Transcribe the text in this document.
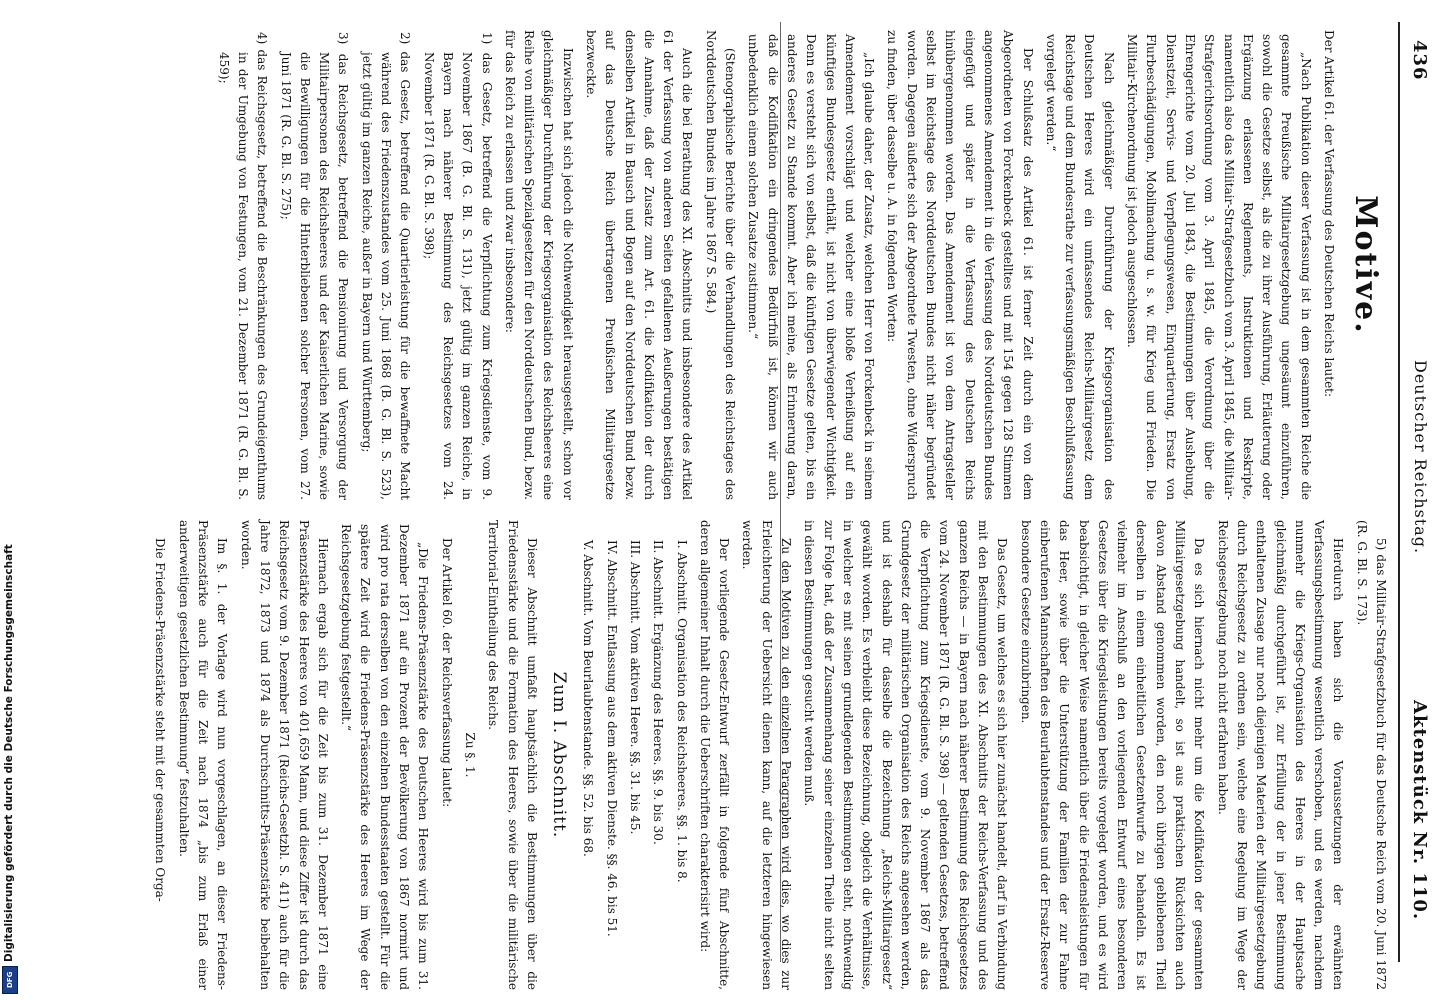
436
Deutscher Reichstag.
Aktenstück Nr. 110.
Motive.

Der Artikel 61. der Verfassung des Deutschen Reichs lautet:

„Nach Publikation dieser Verfassung ist in dem gesammten Reiche die gesammte Preußische Militairgesetzgebung ungesäumt einzuführen, sowohl die Gesetze selbst, als die zu ihrer Ausführung, Erläuterung oder Ergänzung erlassenen Reglements, Instruktionen und Reskripte, namentlich also das Militair-Strafgesetzbuch vom 3. April 1845, die Militair-Strafgerichtsordnung vom 3. April 1845, die Verordnung über die Ehrengerichte vom 20. Juli 1843, die Bestimmungen über Aushebung, Dienstzeit, Servis- und Verpflegungswesen, Einquartierung, Ersatz von Flurbeschädigungen, Mobilmachung u. s. w. für Krieg und Frieden. Die Militair-Kirchenordnung ist jedoch ausgeschlossen.

Nach gleichmäßiger Durchführung der Kriegsorganisation des Deutschen Heeres wird ein umfassendes Reichs-Militairgesetz dem Reichstage und dem Bundesrathe zur verfassungsmäßigen Beschlußfassung vorgelegt werden.“

Der Schlußsatz des Artikel 61. ist ferner Zeit durch ein von dem Abgeordneten von Forckenbeck gestelltes und mit 154 gegen 128 Stimmen angenommenes Amendement in die Verfassung des Norddeutschen Bundes eingefügt und später in die Verfassung des Deutschen Reichs hinübergenommen worden. Das Amendement ist von dem Antragsteller selbst im Reichstage des Norddeutschen Bundes nicht näher begründet worden. Dagegen äußerte sich der Abgeordnete Twesten, ohne Widerspruch zu finden, über dasselbe u. A. in folgenden Worten:

„Ich glaube daher, der Zusatz, welchen Herr von Forckenbeck in seinem Amendement vorschlägt und welcher eine bloße Verheißung auf ein künftiges Bundesgesetz enthält, ist nicht von überwiegender Wichtigkeit. Denn es versteht sich von selbst, daß die künftigen Gesetze gelten, bis ein anderes Gesetz zu Stande kommt. Aber ich meine, als Erinnerung daran, daß die Kodifikation ein dringendes Bedürfniß ist, können wir auch unbedenklich einem solchen Zusatze zustimmen.“

(Stenographische Berichte über die Verhandlungen des Reichstages des Norddeutschen Bundes im Jahre 1867 S. 584.)

Auch die bei Berathung des XI. Abschnitts und insbesondere des Artikel 61 der Verfassung von anderen Seiten gefallenen Aeußerungen bestätigen die Annahme, daß der Zusatz zum Art. 61. die Kodifikation der durch denselben Artikel in Bausch und Bogen auf den Norddeutschen Bund bezw. auf das Deutsche Reich übertragenen Preußischen Militairgesetze bezweckte.

Inzwischen hat sich jedoch die Nothwendigkeit herausgestellt, schon vor gleichmäßiger Durchführung der Kriegsorganisation des Reichsheeres eine Reihe von militärischen Spezialgesetzen für den Norddeutschen Bund, bezw. für das Reich zu erlassen und zwar insbesondere:

1) das Gesetz, betreffend die Verpflichtung zum Kriegsdienste, vom 9. November 1867 (B. G. Bl. S. 131), jetzt gültig im ganzen Reiche, in Bayern nach näherer Bestimmung des Reichsgesetzes vom 24. November 1871 (R. G. Bl. S. 398);

2) das Gesetz, betreffend die Quartierleistung für die bewaffnete Macht während des Friedenszustandes vom 25. Juni 1868 (B. G. Bl. S. 523), jetzt gültig im ganzen Reiche, außer in Bayern und Württemberg;

3) das Reichsgesetz, betreffend die Pensionirung und Versorgung der Militairpersonen des Reichsheeres und der Kaiserlichen Marine, sowie die Bewilligungen für die Hinterbliebenen solcher Personen, vom 27. Juni 1871 (R. G. Bl. S. 275);

4) das Reichsgesetz, betreffend die Beschränkungen des Grundeigenthums in der Umgebung von Festungen, vom 21. Dezember 1871 (R. G. Bl. S. 459);

5) das Militair-Strafgesetzbuch für das Deutsche Reich vom 20. Juni 1872 (R. G. Bl. S. 173).

Hierdurch haben sich die Voraussetzungen der erwähnten Verfassungsbestimmung wesentlich verschoben, und es werden, nachdem nunmehr die Kriegs-Organisation des Heeres in der Hauptsache gleichmäßig durchgeführt ist, zur Erfüllung der in jener Bestimmung enthaltenen Zusage nur noch diejenigen Materien der Militairgesetzgebung durch Reichsgesetz zu ordnen sein, welche eine Regelung im Wege der Reichsgesetzgebung noch nicht erfahren haben.

Da es sich hiernach nicht mehr um die Kodifikation der gesammten Militairgesetzgebung handelt, so ist aus praktischen Rücksichten auch davon Abstand genommen worden, den noch übrigen gebliebenen Theil derselben in einem einheitlichen Gesetzentwurfe zu behandeln. Es ist vielmehr im Anschluß an den vorliegenden Entwurf eines besonderen Gesetzes über die Kriegsleistungen bereits vorgelegt worden, und es wird beabsichtigt, in gleicher Weise namentlich über die Friedensleistungen für das Heer, sowie über die Unterstützung der Familien der zur Fahne einberufenen Mannschaften des Beurlaubtenstandes und der Ersatz-Reserve besondere Gesetze einzubringen.

Das Gesetz, um welches es sich hier zunächst handelt, darf in Verbindung mit den Bestimmungen des XI. Abschnitts der Reichs-Verfassung und des ganzen Reichs — in Bayern nach näherer Bestimmung des Reichsgesetzes vom 24. November 1871 (R. G. Bl. S. 398) — geltenden Gesetzes, betreffend die Verpflichtung zum Kriegsdienste, vom 9. November 1867 als das Grundgesetz der militärischen Organisation des Reichs angesehen werden, und ist deshalb für dasselbe die Bezeichnung „Reichs-Militairgesetz“ gewählt worden. Es verbleibt diese Bezeichnung, obgleich die Verhältnisse, in welcher es mit seinen grundlegenden Bestimmungen steht, nothwendig zur Folge hat, daß der Zusammenhang seiner einzelnen Theile nicht selten in diesen Bestimmungen gesucht werden muß.

Zu den Motiven zu den einzelnen Paragraphen wird dies, wo dies zur Erleichterung der Uebersicht dienen kann, auf die letzteren hingewiesen werden.

Der vorliegende Gesetz-Entwurf zerfällt in folgende fünf Abschnitte, deren allgemeiner Inhalt durch die Ueberschriften charakterisirt wird:

I. Abschnitt. Organisation des Reichsheeres. §§. 1. bis 8.

II. Abschnitt. Ergänzung des Heeres. §§. 9. bis 30.

III. Abschnitt. Vom aktiven Heere. §§. 31. bis 45.

IV. Abschnitt. Entlassung aus dem aktiven Dienste. §§. 46. bis 51.

V. Abschnitt. Vom Beurlaubtenstande. §§. 52. bis 68.

Zum I. Abschnitt.

Dieser Abschnitt umfaßt hauptsächlich die Bestimmungen über die Friedensstärke und die Formation des Heeres, sowie über die militärische Territorial-Eintheilung des Reichs.

Zu §. 1.

Der Artikel 60. der Reichsverfassung lautet:

„Die Friedens-Präsenzstärke des Deutschen Heeres wird bis zum 31. Dezember 1871 auf ein Prozent der Bevölkerung von 1867 normirt und wird pro rata derselben von den einzelnen Bundesstaaten gestellt. Für die spätere Zeit wird die Friedens-Präsenzstärke des Heeres im Wege der Reichsgesetzgebung festgestellt.“

Hiernach ergab sich für die Zeit bis zum 31. Dezember 1871 eine Präsenzstärke des Heeres von 401,659 Mann, und diese Ziffer ist durch das Reichsgesetz vom 9. Dezember 1871 (Reichs-Gesetzbl. S. 411) auch für die Jahre 1872, 1873 und 1874 als Durchschnitts-Präsenzstärke beibehalten worden.

Im §. 1. der Vorlage wird nun vorgeschlagen, an dieser Friedens-Präsenzstärke auch für die Zeit nach 1874 „bis zum Erlaß einer anderweitigen gesetzlichen Bestimmung“ festzuhalten.

Die Friedens-Präsenzstärke steht mit der gesammten Orga-

Digitalisierung gefördert durch die Deutsche Forschungsgemeinschaft
DFG
